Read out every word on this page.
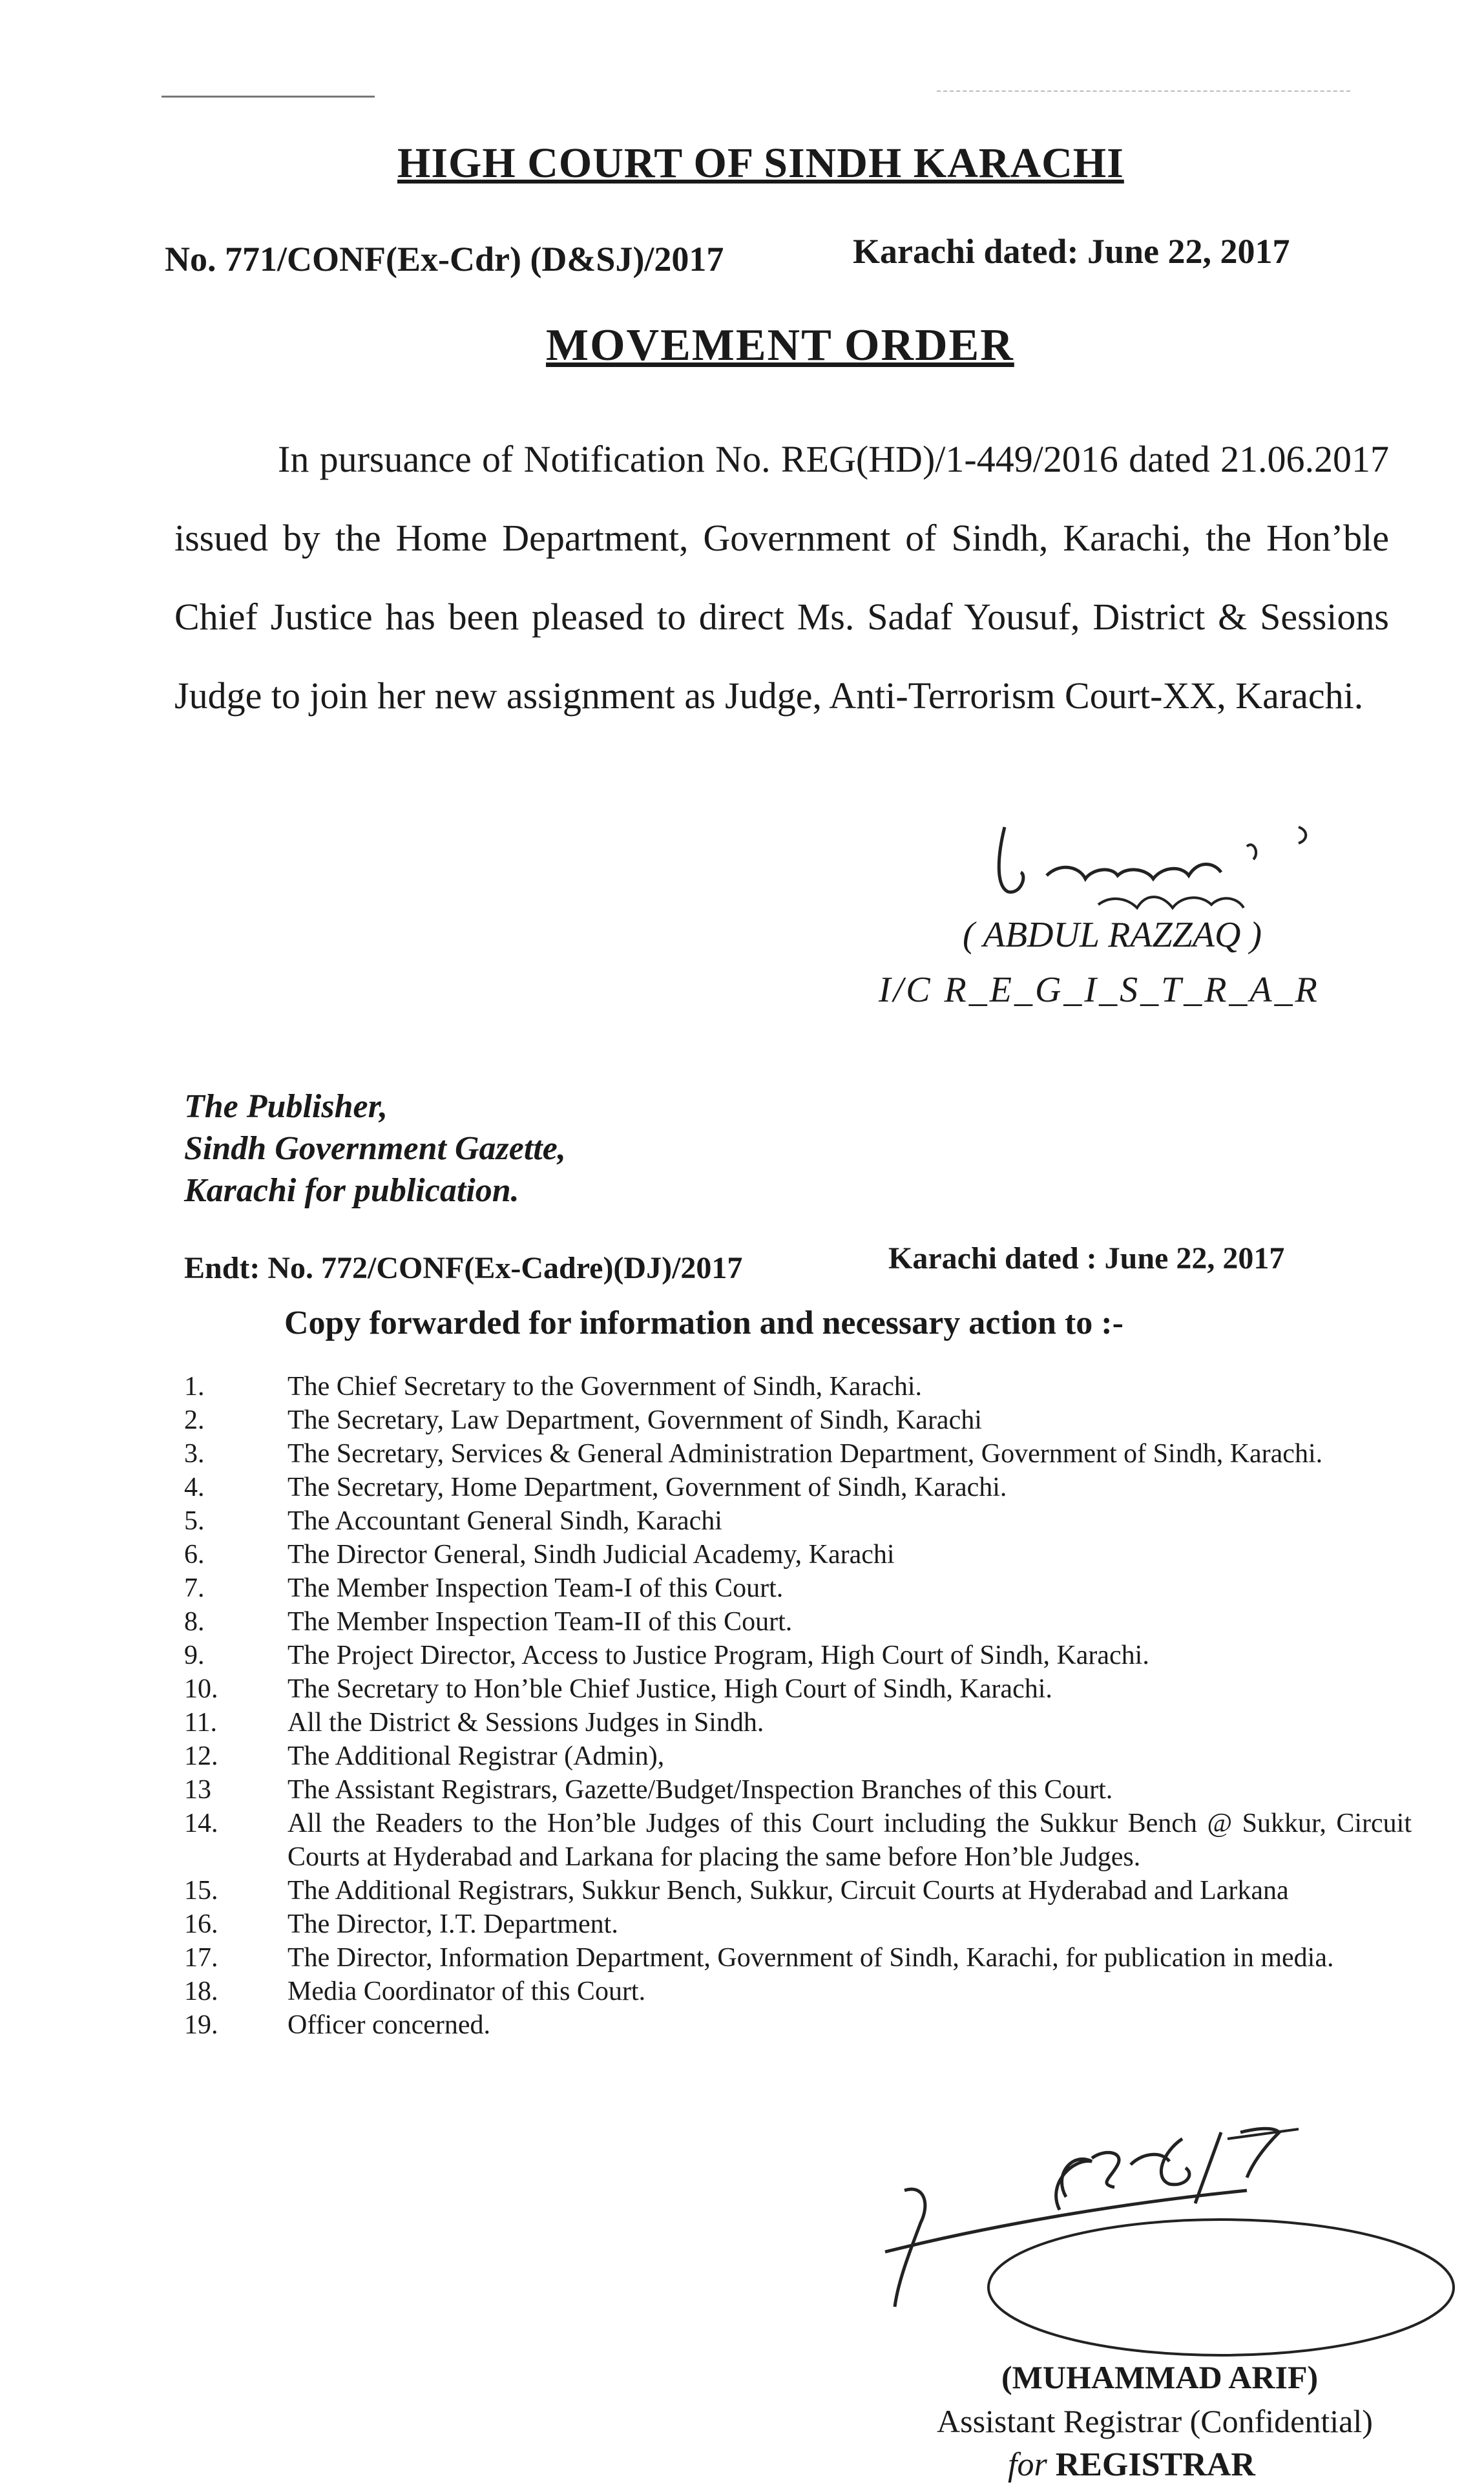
HIGH COURT OF SINDH KARACHI
No. 771/CONF(Ex-Cdr) (D&SJ)/2017	Karachi dated: June 22, 2017
MOVEMENT ORDER
In pursuance of Notification No. REG(HD)/1-449/2016 dated 21.06.2017 issued by the Home Department, Government of Sindh, Karachi, the Hon’ble Chief Justice has been pleased to direct Ms. Sadaf Yousuf, District & Sessions Judge to join her new assignment as Judge, Anti-Terrorism Court-XX, Karachi.
( ABDUL RAZZAQ )
I/C R_E_G_I_S_T_R_A_R
The Publisher,
Sindh Government Gazette,
Karachi for publication.
Endt: No. 772/CONF(Ex-Cadre)(DJ)/2017	Karachi dated : June 22, 2017
Copy forwarded for information and necessary action to :-
1.	The Chief Secretary to the Government of Sindh, Karachi.
2.	The Secretary, Law Department, Government of Sindh, Karachi
3.	The Secretary, Services & General Administration Department, Government of Sindh, Karachi.
4.	The Secretary, Home Department, Government of Sindh, Karachi.
5.	The Accountant General Sindh, Karachi
6.	The Director General, Sindh Judicial Academy, Karachi
7.	The Member Inspection Team-I of this Court.
8.	The Member Inspection Team-II of this Court.
9.	The Project Director, Access to Justice Program, High Court of Sindh, Karachi.
10.	The Secretary to Hon’ble Chief Justice, High Court of Sindh, Karachi.
11.	All the District & Sessions Judges in Sindh.
12.	The Additional Registrar (Admin),
13	The Assistant Registrars, Gazette/Budget/Inspection Branches of this Court.
14.	All the Readers to the Hon’ble Judges of this Court including the Sukkur Bench @ Sukkur, Circuit Courts at Hyderabad and Larkana for placing the same before Hon’ble Judges.
15.	The Additional Registrars, Sukkur Bench, Sukkur, Circuit Courts at Hyderabad and Larkana
16.	The Director, I.T. Department.
17.	The Director, Information Department, Government of Sindh, Karachi, for publication in media.
18.	Media Coordinator of this Court.
19.	Officer concerned.
(MUHAMMAD ARIF)
Assistant Registrar (Confidential)
for REGISTRAR
